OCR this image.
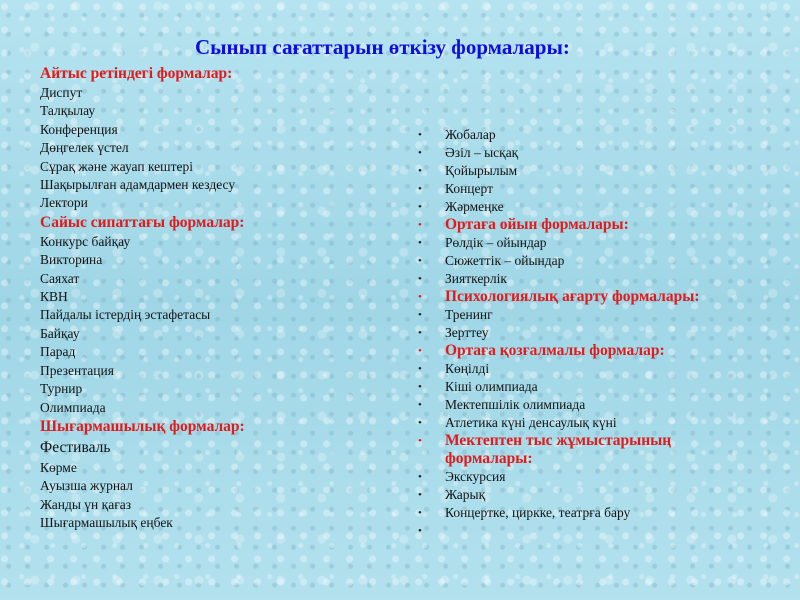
Сынып сағаттарын өткізу формалары:
Айтыс ретіндегі формалар:
Диспут
Талқылау
Конференция
Дөңгелек үстел
Сұрақ және жауап кештері
Шақырылған адамдармен кездесу
Лектори
Сайыс сипаттағы формалар:
Конкурс байқау
Викторина
Саяхат
КВН
Пайдалы істердің эстафетасы
Байқау
Парад
Презентация
Турнир
Олимпиада
Шығармашылық формалар:
Фестиваль
Көрме
Ауызша журнал
Жанды үн қағаз
Шығармашылық еңбек
•	Жобалар
•	Әзіл – ысқақ
•	Қойырылым
•	Концерт
•	Жәрмеңке
•	Ортаға ойын формалары:
•	Рөлдік – ойындар
•	Сюжеттік – ойындар
•	Зияткерлік
•	Психологиялық ағарту формалары:
•	Тренинг
•	Зерттеу
•	Ортаға қозғалмалы формалар:
•	Көңілді
•	Кіші олимпиада
•	Мектепшілік олимпиада
•	Атлетика күні денсаулық күні
•	Мектептен тыс жұмыстарының формалары:
•	Экскурсия
•	Жарық
•	Концертке, циркке, театрға бару
•
